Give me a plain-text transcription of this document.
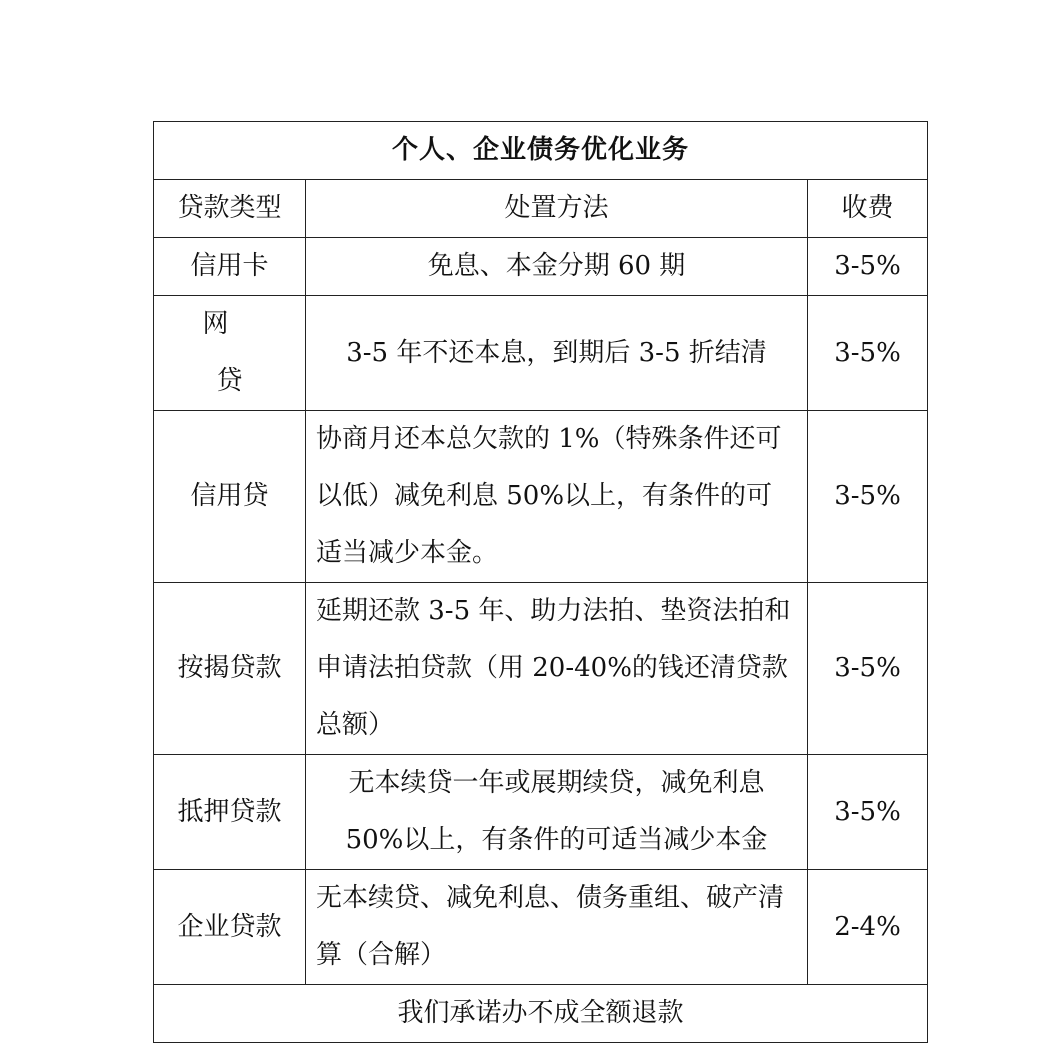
个人、企业债务优化业务		
贷款类型	处置方法	收费
信用卡	免息、本金分期 60 期	3-5%
网 贷	3-5 年不还本息，到期后 3-5 折结清	3-5%
信用贷	协商月还本总欠款的 1%（特殊条件还可以低）减免利息 50%以上，有条件的可适当减少本金。	3-5%
按揭贷款	延期还款 3-5 年、助力法拍、垫资法拍和申请法拍贷款（用 20-40%的钱还清贷款总额）	3-5%
抵押贷款	无本续贷一年或展期续贷，减免利息 50%以上，有条件的可适当减少本金	3-5%
企业贷款	无本续贷、减免利息、债务重组、破产清算（合解）	2-4%
我们承诺办不成全额退款		
